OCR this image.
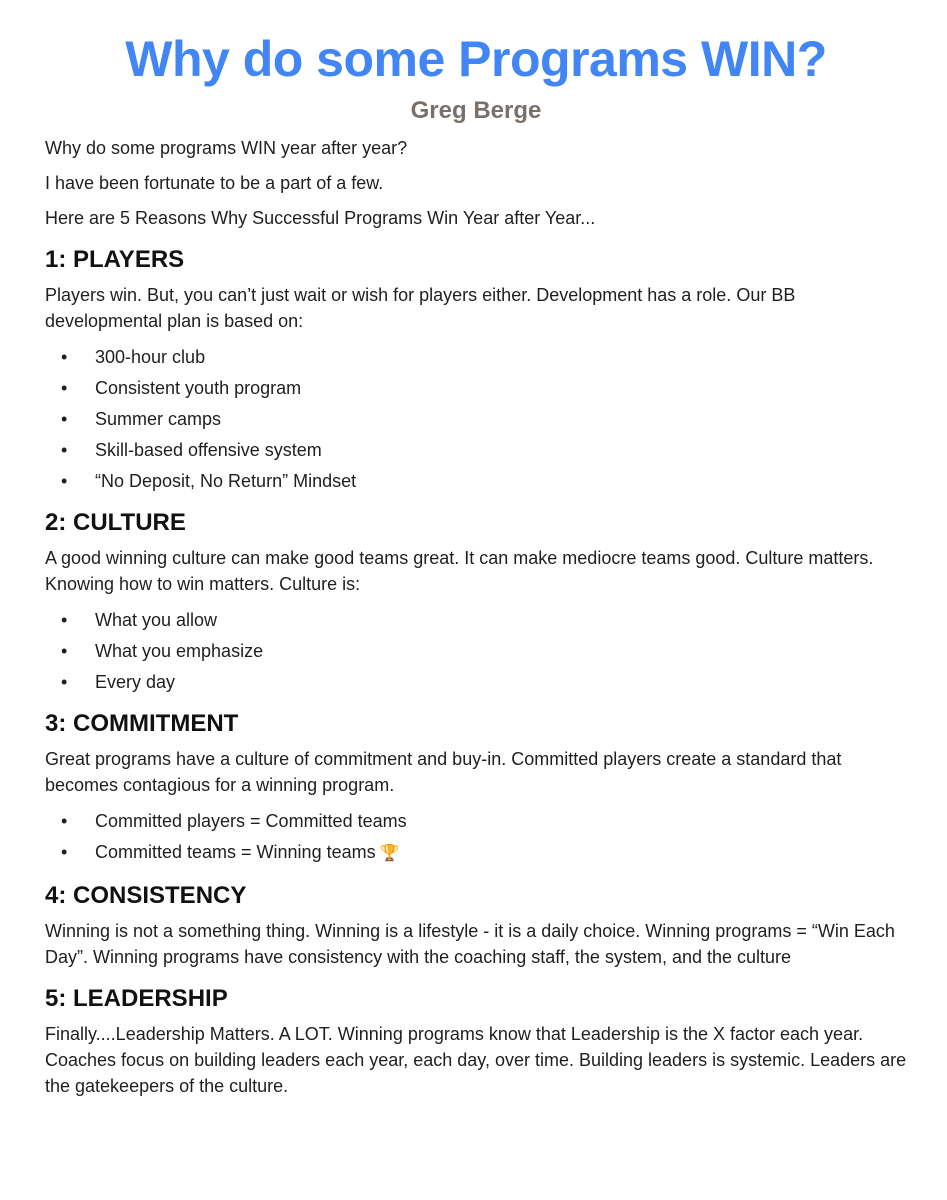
Why do some Programs WIN?
Greg Berge

Why do some programs WIN year after year?

I have been fortunate to be a part of a few.

Here are 5 Reasons Why Successful Programs Win Year after Year...

1: PLAYERS

Players win. But, you can’t just wait or wish for players either. Development has a role. Our BB developmental plan is based on:

• 300-hour club
• Consistent youth program
• Summer camps
• Skill-based offensive system
• “No Deposit, No Return” Mindset
2: CULTURE

A good winning culture can make good teams great. It can make mediocre teams good. Culture matters. Knowing how to win matters. Culture is:

• What you allow
• What you emphasize
• Every day
3: COMMITMENT

Great programs have a culture of commitment and buy-in. Committed players create a standard that becomes contagious for a winning program.

• Committed players = Committed teams
• Committed teams = Winning teams 🏆
4: CONSISTENCY

Winning is not a something thing. Winning is a lifestyle - it is a daily choice. Winning programs = “Win Each Day”. Winning programs have consistency with the coaching staff, the system, and the culture

5: LEADERSHIP

Finally....Leadership Matters. A LOT. Winning programs know that Leadership is the X factor each year. Coaches focus on building leaders each year, each day, over time. Building leaders is systemic. Leaders are the gatekeepers of the culture.
